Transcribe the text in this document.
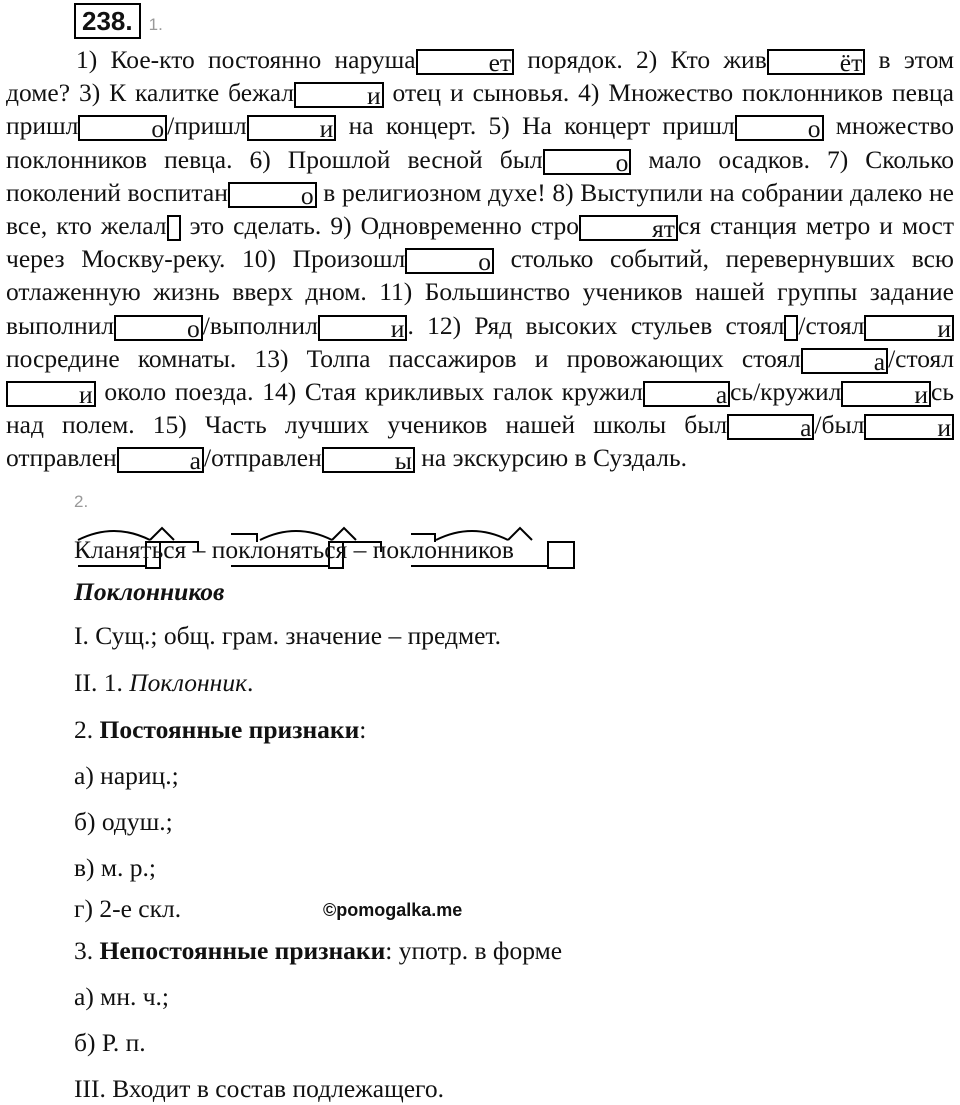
238. 1.

1) Кое-кто постоянно наруша	ет порядок. 2) Кто жив	ёт в этом доме? 3) К калитке бежал	и отец и сыновья. 4) Множество поклонников певца пришл	о /пришл	и на концерт. 5) На концерт пришл	о множество поклонников певца. 6) Прошлой весной был	о мало осадков. 7) Сколько поколений воспитан	о в религиозном духе! 8) Выступили на собрании далеко не все, кто желал это сделать. 9) Одновременно стро	ят ся станция метро и мост через Москву-реку. 10) Произошл	о столько событий, перевернувших всю отлаженную жизнь вверх дном. 11) Большинство учеников нашей группы задание выполнил	о /выполнил	и . 12) Ряд высоких стульев стоял /стоял	и посредине комнаты. 13) Толпа пассажиров и провожающих стоял	а /стояли около поезда. 14) Стая крикливых галок кружил	а сь/кружил	и сь над полем. 15) Часть лучших учеников нашей школы был	а /был	и отправлен	а /отправлен	ы на экскурсию в Суздаль.

2.
Кланяться – поклоняться – поклонников

Поклонников

I. Сущ.; общ. грам. значение – предмет.

II. 1. Поклонник.

2. Постоянные признаки:

а) нариц.;

б) одуш.;

в) м. р.;

г) 2-е скл.	©pomogalka.me

3. Непостоянные признаки: употр. в форме

а) мн. ч.;

б) Р. п.

III. Входит в состав подлежащего.
